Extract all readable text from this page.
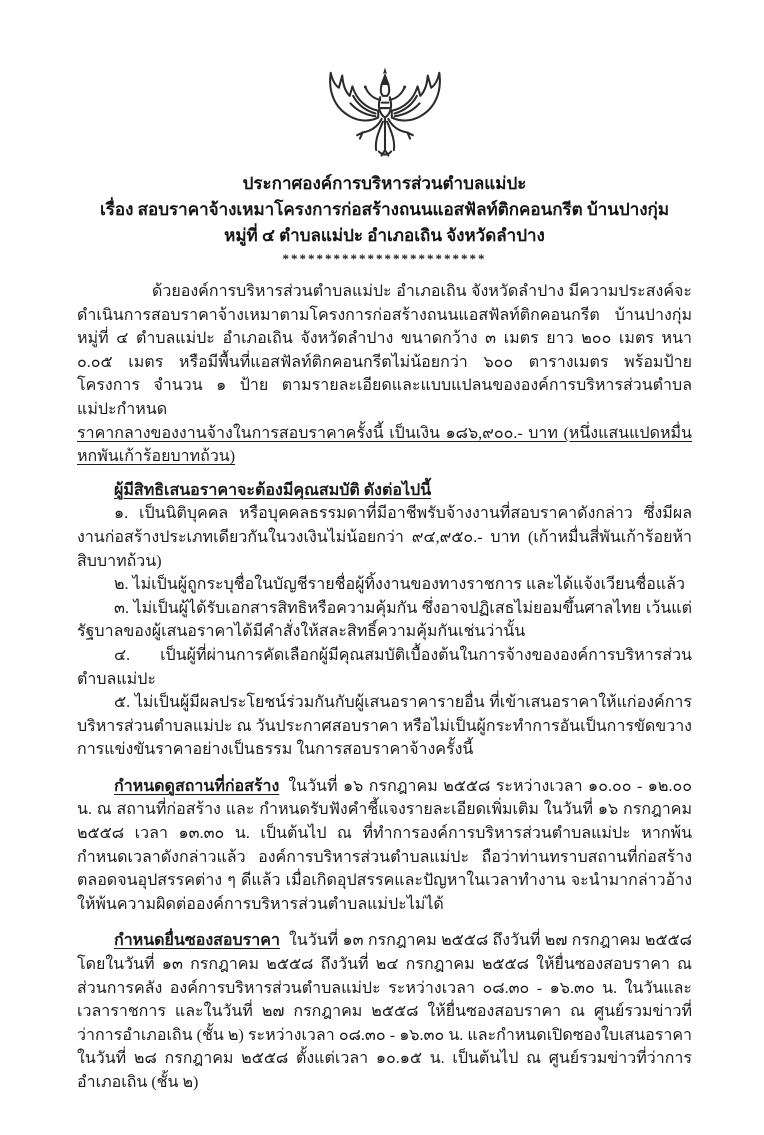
ประกาศองค์การบริหารส่วนตำบลแม่ปะ
เรื่อง สอบราคาจ้างเหมาโครงการก่อสร้างถนนแอสฟัลท์ติกคอนกรีต บ้านปางกุ่ม
หมู่ที่ ๔ ตำบลแม่ปะ อำเภอเถิน จังหวัดลำปาง
************************

ด้วยองค์การบริหารส่วนตำบลแม่ปะ อำเภอเถิน จังหวัดลำปาง มีความประสงค์จะดำเนินการสอบราคาจ้างเหมาตามโครงการก่อสร้างถนนแอสฟัลท์ติกคอนกรีต บ้านปางกุ่ม หมู่ที่ ๔ ตำบลแม่ปะ อำเภอเถิน จังหวัดลำปาง ขนาดกว้าง ๓ เมตร ยาว ๒๐๐ เมตร หนา ๐.๐๕ เมตร หรือมีพื้นที่แอสฟัลท์ติกคอนกรีตไม่น้อยกว่า ๖๐๐ ตารางเมตร พร้อมป้ายโครงการ จำนวน ๑ ป้าย ตามรายละเอียดและแบบแปลนขององค์การบริหารส่วนตำบลแม่ปะกำหนด

ราคากลางของงานจ้างในการสอบราคาครั้งนี้ เป็นเงิน ๑๘๖,๙๐๐.- บาท (หนึ่งแสนแปดหมื่นหกพันเก้าร้อยบาทถ้วน)

ผู้มีสิทธิเสนอราคาจะต้องมีคุณสมบัติ ดังต่อไปนี้

๑. เป็นนิติบุคคล หรือบุคคลธรรมดาที่มีอาชีพรับจ้างงานที่สอบราคาดังกล่าว ซึ่งมีผลงานก่อสร้างประเภทเดียวกันในวงเงินไม่น้อยกว่า ๙๔,๙๕๐.- บาท (เก้าหมื่นสี่พันเก้าร้อยห้าสิบบาทถ้วน)

๒. ไม่เป็นผู้ถูกระบุชื่อในบัญชีรายชื่อผู้ทิ้งงานของทางราชการ และได้แจ้งเวียนชื่อแล้ว

๓. ไม่เป็นผู้ได้รับเอกสารสิทธิหรือความคุ้มกัน ซึ่งอาจปฏิเสธไม่ยอมขึ้นศาลไทย เว้นแต่รัฐบาลของผู้เสนอราคาได้มีคำสั่งให้สละสิทธิ์ความคุ้มกันเช่นว่านั้น

๔. เป็นผู้ที่ผ่านการคัดเลือกผู้มีคุณสมบัติเบื้องต้นในการจ้างขององค์การบริหารส่วนตำบลแม่ปะ

๕. ไม่เป็นผู้มีผลประโยชน์ร่วมกันกับผู้เสนอราคารายอื่น ที่เข้าเสนอราคาให้แก่องค์การบริหารส่วนตำบลแม่ปะ ณ วันประกาศสอบราคา หรือไม่เป็นผู้กระทำการอันเป็นการขัดขวางการแข่งขันราคาอย่างเป็นธรรม ในการสอบราคาจ้างครั้งนี้

กำหนดดูสถานที่ก่อสร้าง ในวันที่ ๑๖ กรกฎาคม ๒๕๕๘ ระหว่างเวลา ๑๐.๐๐ - ๑๒.๐๐ น. ณ สถานที่ก่อสร้าง และ กำหนดรับฟังคำชี้แจงรายละเอียดเพิ่มเติม ในวันที่ ๑๖ กรกฎาคม ๒๕๕๘ เวลา ๑๓.๓๐ น. เป็นต้นไป ณ ที่ทำการองค์การบริหารส่วนตำบลแม่ปะ หากพ้นกำหนดเวลาดังกล่าวแล้ว องค์การบริหารส่วนตำบลแม่ปะ ถือว่าท่านทราบสถานที่ก่อสร้าง ตลอดจนอุปสรรคต่าง ๆ ดีแล้ว เมื่อเกิดอุปสรรคและปัญหาในเวลาทำงาน จะนำมากล่าวอ้างให้พ้นความผิดต่อองค์การบริหารส่วนตำบลแม่ปะไม่ได้

กำหนดยื่นซองสอบราคา ในวันที่ ๑๓ กรกฎาคม ๒๕๕๘ ถึงวันที่ ๒๗ กรกฎาคม ๒๕๕๘ โดยในวันที่ ๑๓ กรกฎาคม ๒๕๕๘ ถึงวันที่ ๒๔ กรกฎาคม ๒๕๕๘ ให้ยื่นซองสอบราคา ณ ส่วนการคลัง องค์การบริหารส่วนตำบลแม่ปะ ระหว่างเวลา ๐๘.๓๐ - ๑๖.๓๐ น. ในวันและเวลาราชการ และในวันที่ ๒๗ กรกฎาคม ๒๕๕๘ ให้ยื่นซองสอบราคา ณ ศูนย์รวมข่าวที่ว่าการอำเภอเถิน (ชั้น ๒) ระหว่างเวลา ๐๘.๓๐ - ๑๖.๓๐ น. และกำหนดเปิดซองใบเสนอราคา ในวันที่ ๒๘ กรกฎาคม ๒๕๕๘ ตั้งแต่เวลา ๑๐.๑๕ น. เป็นต้นไป ณ ศูนย์รวมข่าวที่ว่าการอำเภอเถิน (ชั้น ๒)
